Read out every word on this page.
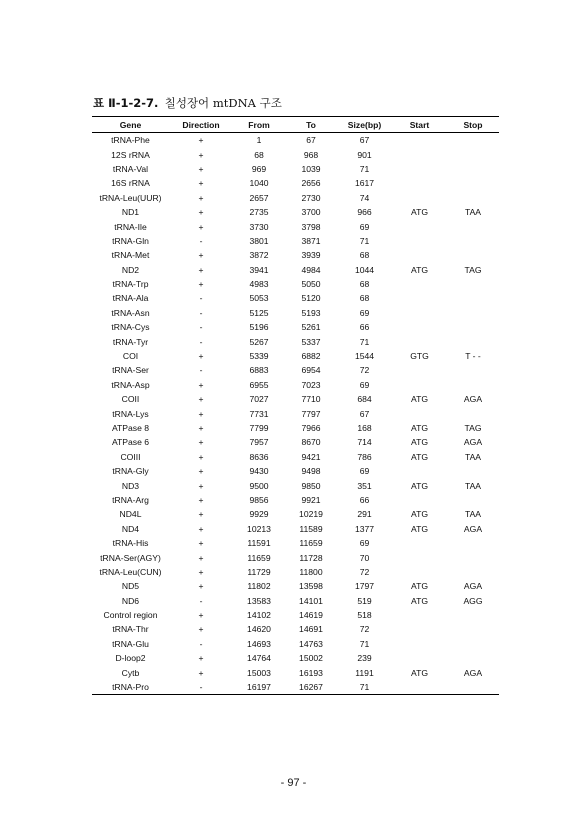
표 Ⅱ-1-2-7. 칠성장어 mtDNA 구조
Gene	Direction	From	To	Size(bp)	Start	Stop
tRNA-Phe	+	1	67	67		
12S rRNA	+	68	968	901		
tRNA-Val	+	969	1039	71		
16S rRNA	+	1040	2656	1617		
tRNA-Leu(UUR)	+	2657	2730	74		
ND1	+	2735	3700	966	ATG	TAA
tRNA-Ile	+	3730	3798	69		
tRNA-Gln	-	3801	3871	71		
tRNA-Met	+	3872	3939	68		
ND2	+	3941	4984	1044	ATG	TAG
tRNA-Trp	+	4983	5050	68		
tRNA-Ala	-	5053	5120	68		
tRNA-Asn	-	5125	5193	69		
tRNA-Cys	-	5196	5261	66		
tRNA-Tyr	-	5267	5337	71		
COI	+	5339	6882	1544	GTG	T - -
tRNA-Ser	-	6883	6954	72		
tRNA-Asp	+	6955	7023	69		
COII	+	7027	7710	684	ATG	AGA
tRNA-Lys	+	7731	7797	67		
ATPase 8	+	7799	7966	168	ATG	TAG
ATPase 6	+	7957	8670	714	ATG	AGA
COIII	+	8636	9421	786	ATG	TAA
tRNA-Gly	+	9430	9498	69		
ND3	+	9500	9850	351	ATG	TAA
tRNA-Arg	+	9856	9921	66		
ND4L	+	9929	10219	291	ATG	TAA
ND4	+	10213	11589	1377	ATG	AGA
tRNA-His	+	11591	11659	69		
tRNA-Ser(AGY)	+	11659	11728	70		
tRNA-Leu(CUN)	+	11729	11800	72		
ND5	+	11802	13598	1797	ATG	AGA
ND6	-	13583	14101	519	ATG	AGG
Control region	+	14102	14619	518		
tRNA-Thr	+	14620	14691	72		
tRNA-Glu	-	14693	14763	71		
D-loop2	+	14764	15002	239		
Cytb	+	15003	16193	1191	ATG	AGA
tRNA-Pro	-	16197	16267	71		
- 97 -
